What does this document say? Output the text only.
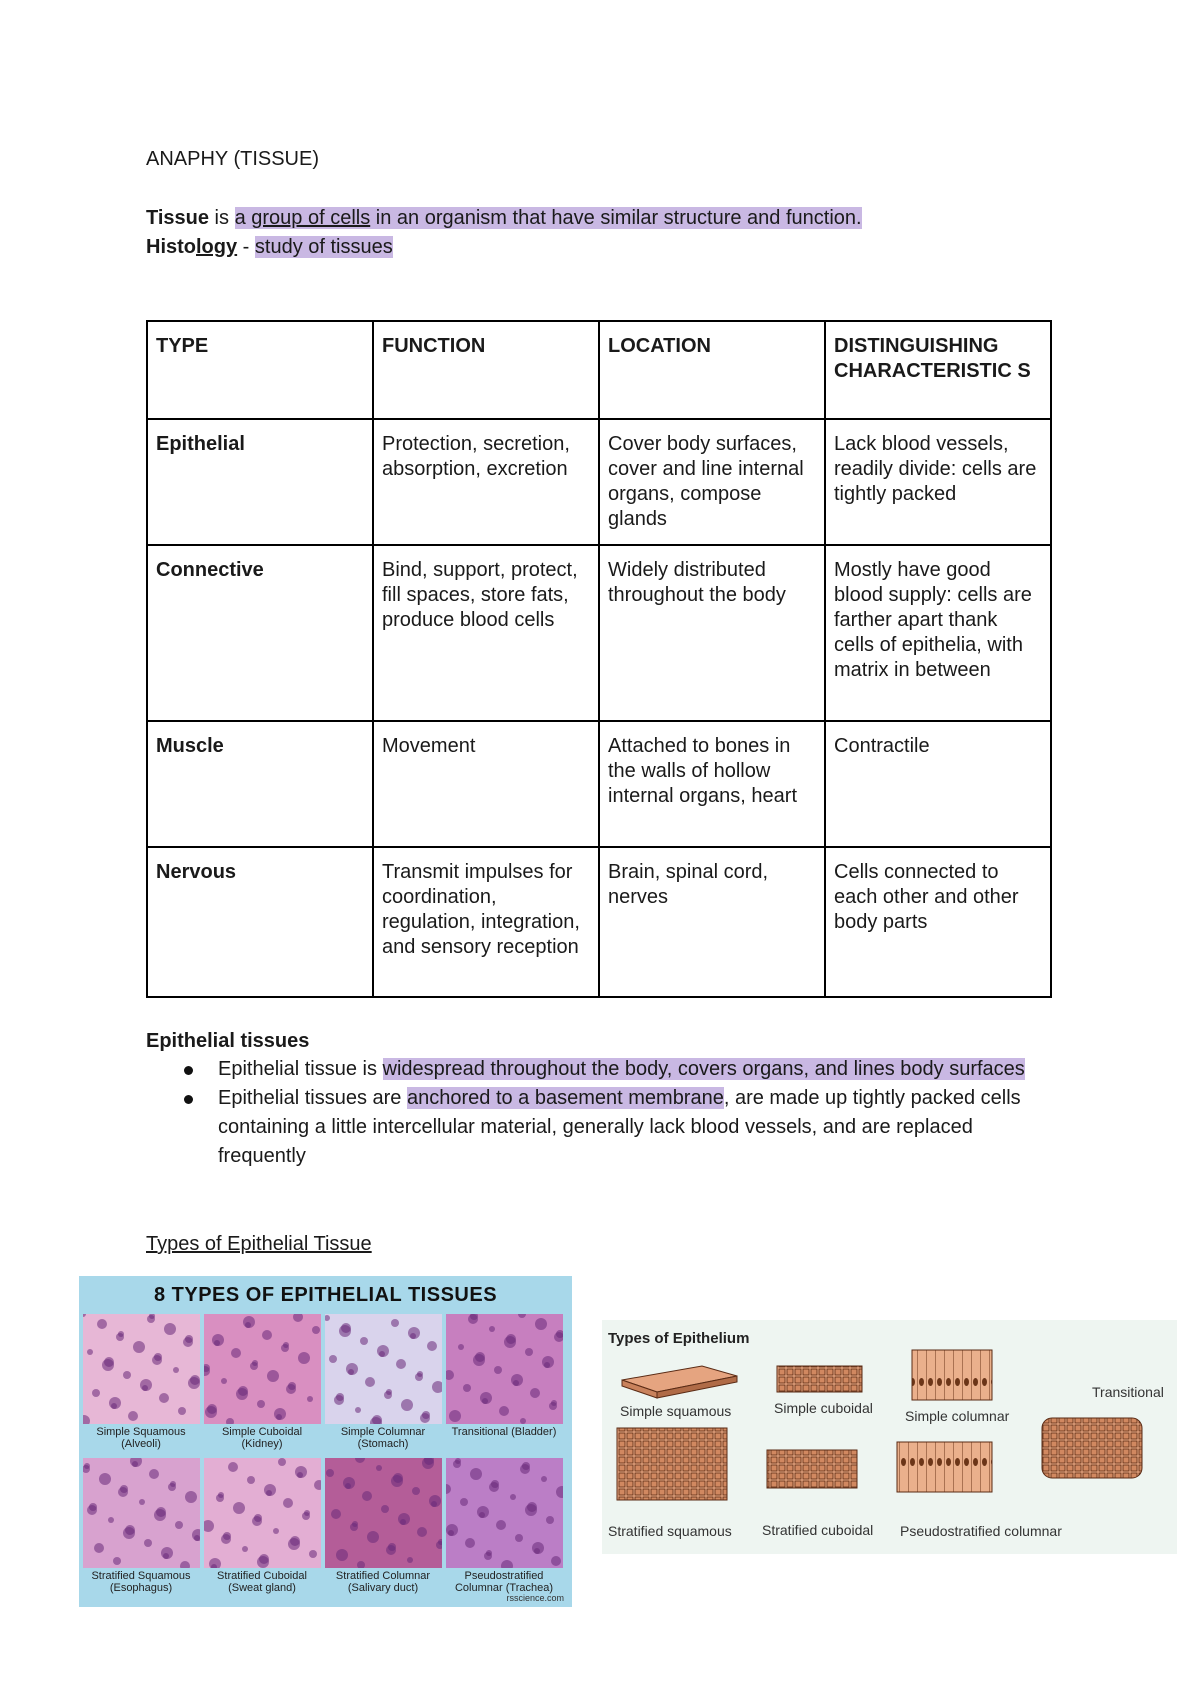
ANAPHY (TISSUE)
Tissue is a group of cells in an organism that have similar structure and function.
Histology - study of tissues
TYPE	FUNCTION	LOCATION	DISTINGUISHING CHARACTERISTIC S
Epithelial	Protection, secretion, absorption, excretion	Cover body surfaces, cover and line internal organs, compose glands	Lack blood vessels, readily divide: cells are tightly packed
Connective	Bind, support, protect, fill spaces, store fats, produce blood cells	Widely distributed throughout the body	Mostly have good blood supply: cells are farther apart thank cells of epithelia, with matrix in between
Muscle	Movement	Attached to bones in the walls of hollow internal organs, heart	Contractile
Nervous	Transmit impulses for coordination, regulation, integration, and sensory reception	Brain, spinal cord, nerves	Cells connected to each other and other body parts
Epithelial tissues
Epithelial tissue is widespread throughout the body, covers organs, and lines body surfaces
Epithelial tissues are anchored to a basement membrane, are made up tightly packed cells containing a little intercellular material, generally lack blood vessels, and are replaced frequently
Types of Epithelial Tissue
8 TYPES OF EPITHELIAL TISSUES
Simple Squamous (Alveoli)
Simple Cuboidal (Kidney)
Simple Columnar (Stomach)
Transitional (Bladder)
Stratified Squamous (Esophagus)
Stratified Cuboidal (Sweat gland)
Stratified Columnar (Salivary duct)
Pseudostratified Columnar (Trachea)
rsscience.com
Types of Epithelium
Simple squamous	Simple cuboidal Simple columnar
Transitional
Stratified squamous Stratified cuboidal Pseudostratified columnar
